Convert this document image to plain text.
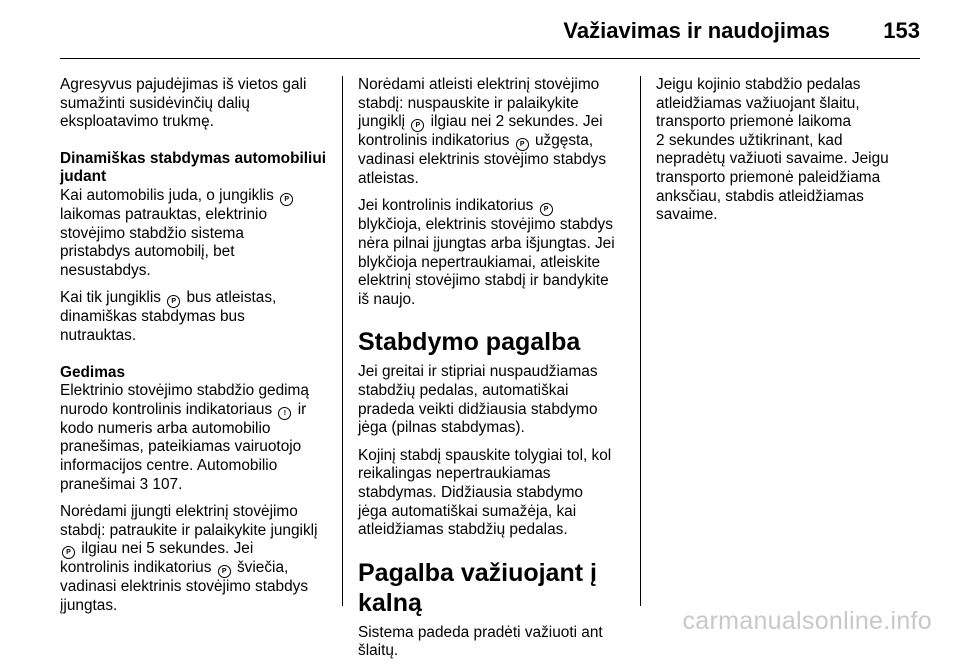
Važiavimas ir naudojimas 153

Agresyvus pajudėjimas iš vietos gali
sumažinti susidėvinčių dalių
eksploatavimo trukmę.

Dinamiškas stabdymas automobiliui
judant

Kai automobilis juda, o jungiklis P
laikomas patrauktas, elektrinio
stovėjimo stabdžio sistema
pristabdys automobilį, bet
nesustabdys.

Kai tik jungiklis P bus atleistas,
dinamiškas stabdymas bus
nutrauktas.

Gedimas

Elektrinio stovėjimo stabdžio gedimą
nurodo kontrolinis indikatoriaus ! ir
kodo numeris arba automobilio
pranešimas, pateikiamas vairuotojo
informacijos centre. Automobilio
pranešimai 3 107.

Norėdami įjungti elektrinį stovėjimo
stabdį: patraukite ir palaikykite jungiklį
P ilgiau nei 5 sekundes. Jei
kontrolinis indikatorius P šviečia,
vadinasi elektrinis stovėjimo stabdys
įjungtas.

Norėdami atleisti elektrinį stovėjimo
stabdį: nuspauskite ir palaikykite
jungiklį P ilgiau nei 2 sekundes. Jei
kontrolinis indikatorius P užgęsta,
vadinasi elektrinis stovėjimo stabdys
atleistas.

Jei kontrolinis indikatorius P
blykčioja, elektrinis stovėjimo stabdys
nėra pilnai įjungtas arba išjungtas. Jei
blykčioja nepertraukiamai, atleiskite
elektrinį stovėjimo stabdį ir bandykite
iš naujo.

Stabdymo pagalba

Jei greitai ir stipriai nuspaudžiamas
stabdžių pedalas, automatiškai
pradeda veikti didžiausia stabdymo
jėga (pilnas stabdymas).

Kojinį stabdį spauskite tolygiai tol, kol
reikalingas nepertraukiamas
stabdymas. Didžiausia stabdymo
jėga automatiškai sumažėja, kai
atleidžiamas stabdžių pedalas.

Pagalba važiuojant į kalną

Sistema padeda pradėti važiuoti ant
šlaitų.

Jeigu kojinio stabdžio pedalas
atleidžiamas važiuojant šlaitu,
transporto priemonė laikoma
2 sekundes užtikrinant, kad
nepradėtų važiuoti savaime. Jeigu
transporto priemonė paleidžiama
anksčiau, stabdis atleidžiamas
savaime.

carmanualsonline.info
